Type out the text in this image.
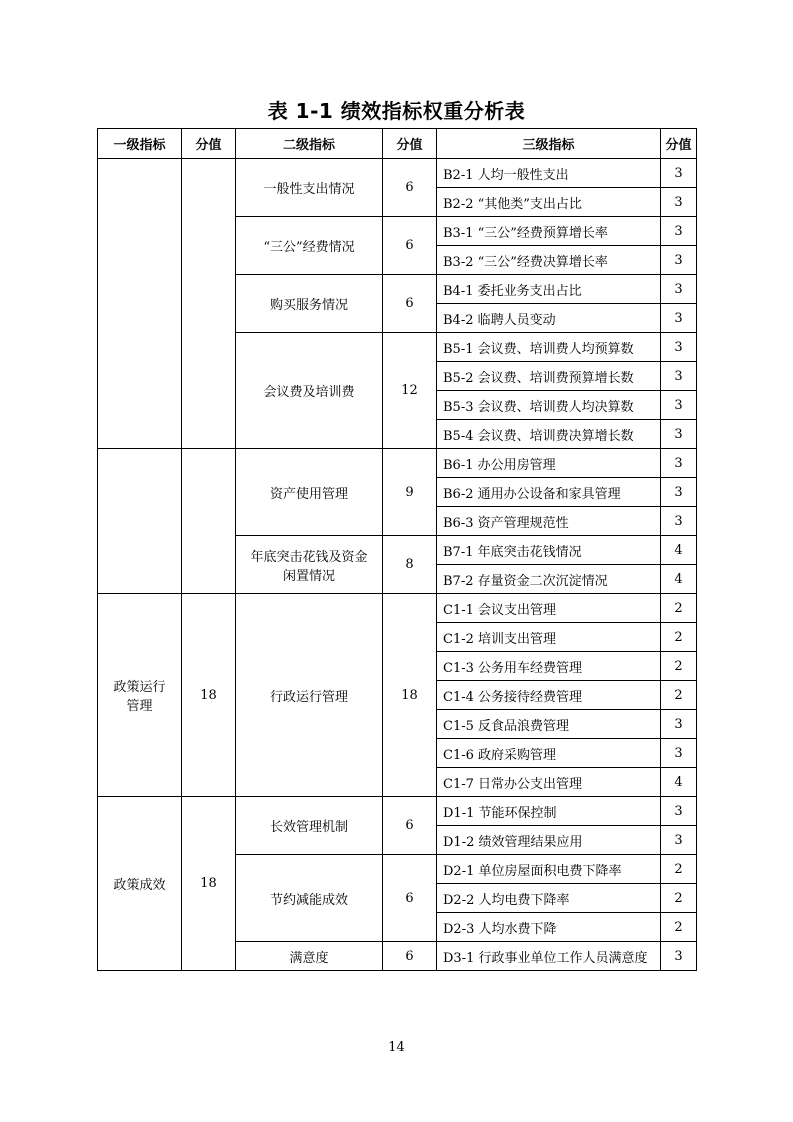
表 1-1 绩效指标权重分析表
一级指标	分值	二级指标	分值	三级指标	分值
		一般性支出情况	6	B2-1 人均一般性支出	3
				B2-2 “其他类”支出占比	3
		“三公”经费情况	6	B3-1 “三公”经费预算增长率	3
				B3-2 “三公”经费决算增长率	3
		购买服务情况	6	B4-1 委托业务支出占比	3
				B4-2 临聘人员变动	3
		会议费及培训费	12	B5-1 会议费、培训费人均预算数	3
				B5-2 会议费、培训费预算增长数	3
				B5-3 会议费、培训费人均决算数	3
				B5-4 会议费、培训费决算增长数	3
		资产使用管理	9	B6-1 办公用房管理	3
				B6-2 通用办公设备和家具管理	3
				B6-3 资产管理规范性	3
		年底突击花钱及资金闲置情况	8	B7-1 年底突击花钱情况	4
				B7-2 存量资金二次沉淀情况	4
政策运行管理	18	行政运行管理	18	C1-1 会议支出管理	2
				C1-2 培训支出管理	2
				C1-3 公务用车经费管理	2
				C1-4 公务接待经费管理	2
				C1-5 反食品浪费管理	3
				C1-6 政府采购管理	3
				C1-7 日常办公支出管理	4
政策成效	18	长效管理机制	6	D1-1 节能环保控制	3
				D1-2 绩效管理结果应用	3
		节约减能成效	6	D2-1 单位房屋面积电费下降率	2
				D2-2 人均电费下降率	2
				D2-3 人均水费下降	2
		满意度	6	D3-1 行政事业单位工作人员满意度	3
14
